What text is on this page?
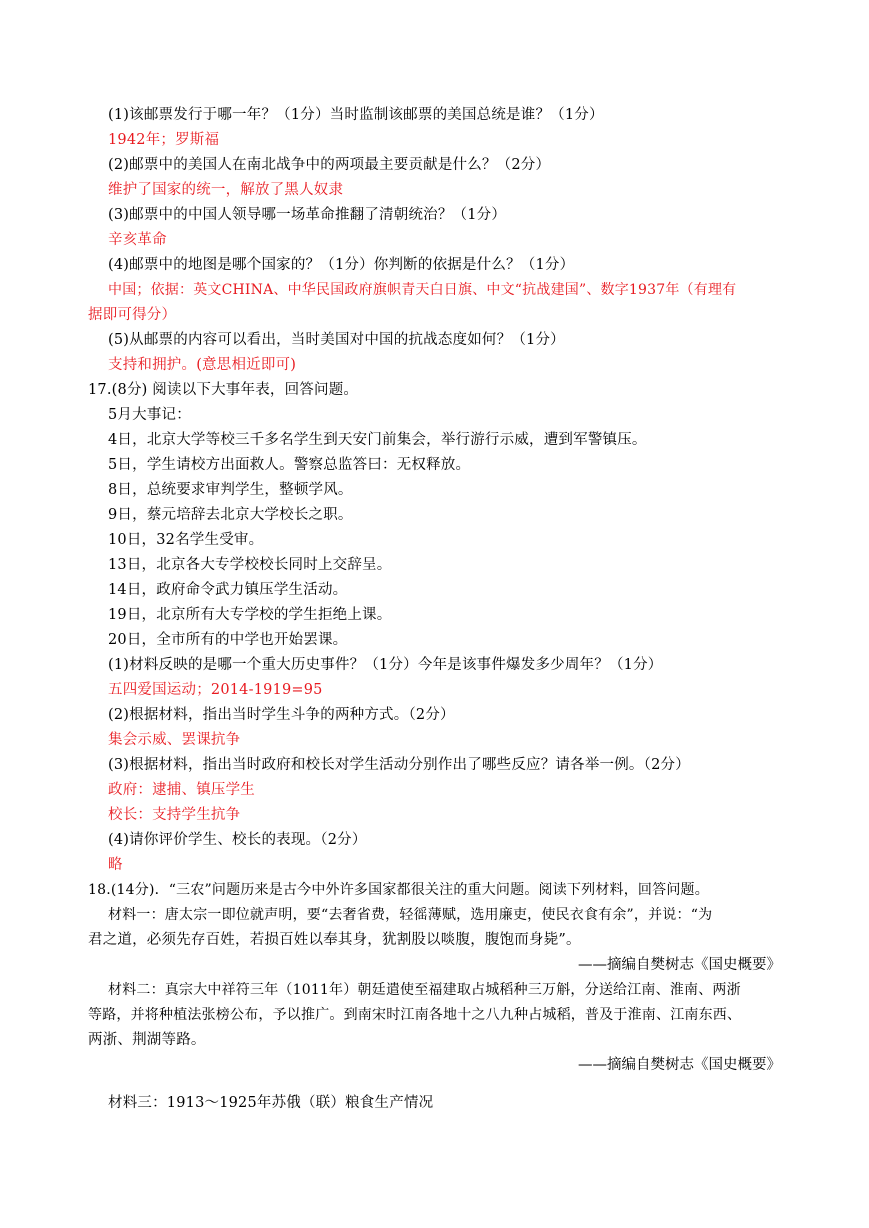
(1)该邮票发行于哪一年？（1分）当时监制该邮票的美国总统是谁？（1分）
1942年；罗斯福
(2)邮票中的美国人在南北战争中的两项最主要贡献是什么？（2分）
维护了国家的统一，解放了黑人奴隶
(3)邮票中的中国人领导哪一场革命推翻了清朝统治？（1分）
辛亥革命
(4)邮票中的地图是哪个国家的？（1分）你判断的依据是什么？（1分）
中国；依据：英文CHINA、中华民国政府旗帜青天白日旗、中文“抗战建国”、数字1937年（有理有
据即可得分）
(5)从邮票的内容可以看出，当时美国对中国的抗战态度如何？（1分）
支持和拥护。(意思相近即可)
17.(8分) 阅读以下大事年表，回答问题。
5月大事记：
4日，北京大学等校三千多名学生到天安门前集会，举行游行示威，遭到军警镇压。
5日，学生请校方出面救人。警察总监答曰：无权释放。
8日，总统要求审判学生，整顿学风。
9日，蔡元培辞去北京大学校长之职。
10日，32名学生受审。
13日，北京各大专学校校长同时上交辞呈。
14日，政府命令武力镇压学生活动。
19日，北京所有大专学校的学生拒绝上课。
20日，全市所有的中学也开始罢课。
(1)材料反映的是哪一个重大历史事件？（1分）今年是该事件爆发多少周年？（1分）
五四爱国运动；2014-1919=95
(2)根据材料，指出当时学生斗争的两种方式。（2分）
集会示威、罢课抗争
(3)根据材料，指出当时政府和校长对学生活动分别作出了哪些反应？请各举一例。（2分）
政府：逮捕、镇压学生
校长：支持学生抗争
(4)请你评价学生、校长的表现。（2分）
略
18.(14分)．“三农”问题历来是古今中外许多国家都很关注的重大问题。阅读下列材料，回答问题。
材料一：唐太宗一即位就声明，要“去奢省费，轻徭薄赋，选用廉吏，使民衣食有余”，并说：“为
君之道，必须先存百姓，若损百姓以奉其身，犹割股以啖腹，腹饱而身毙”。
——摘编自樊树志《国史概要》
材料二：真宗大中祥符三年（1011年）朝廷遣使至福建取占城稻种三万斛，分送给江南、淮南、两浙
等路，并将种植法张榜公布，予以推广。到南宋时江南各地十之八九种占城稻，普及于淮南、江南东西、
两浙、荆湖等路。
——摘编自樊树志《国史概要》
材料三：1913～1925年苏俄（联）粮食生产情况
